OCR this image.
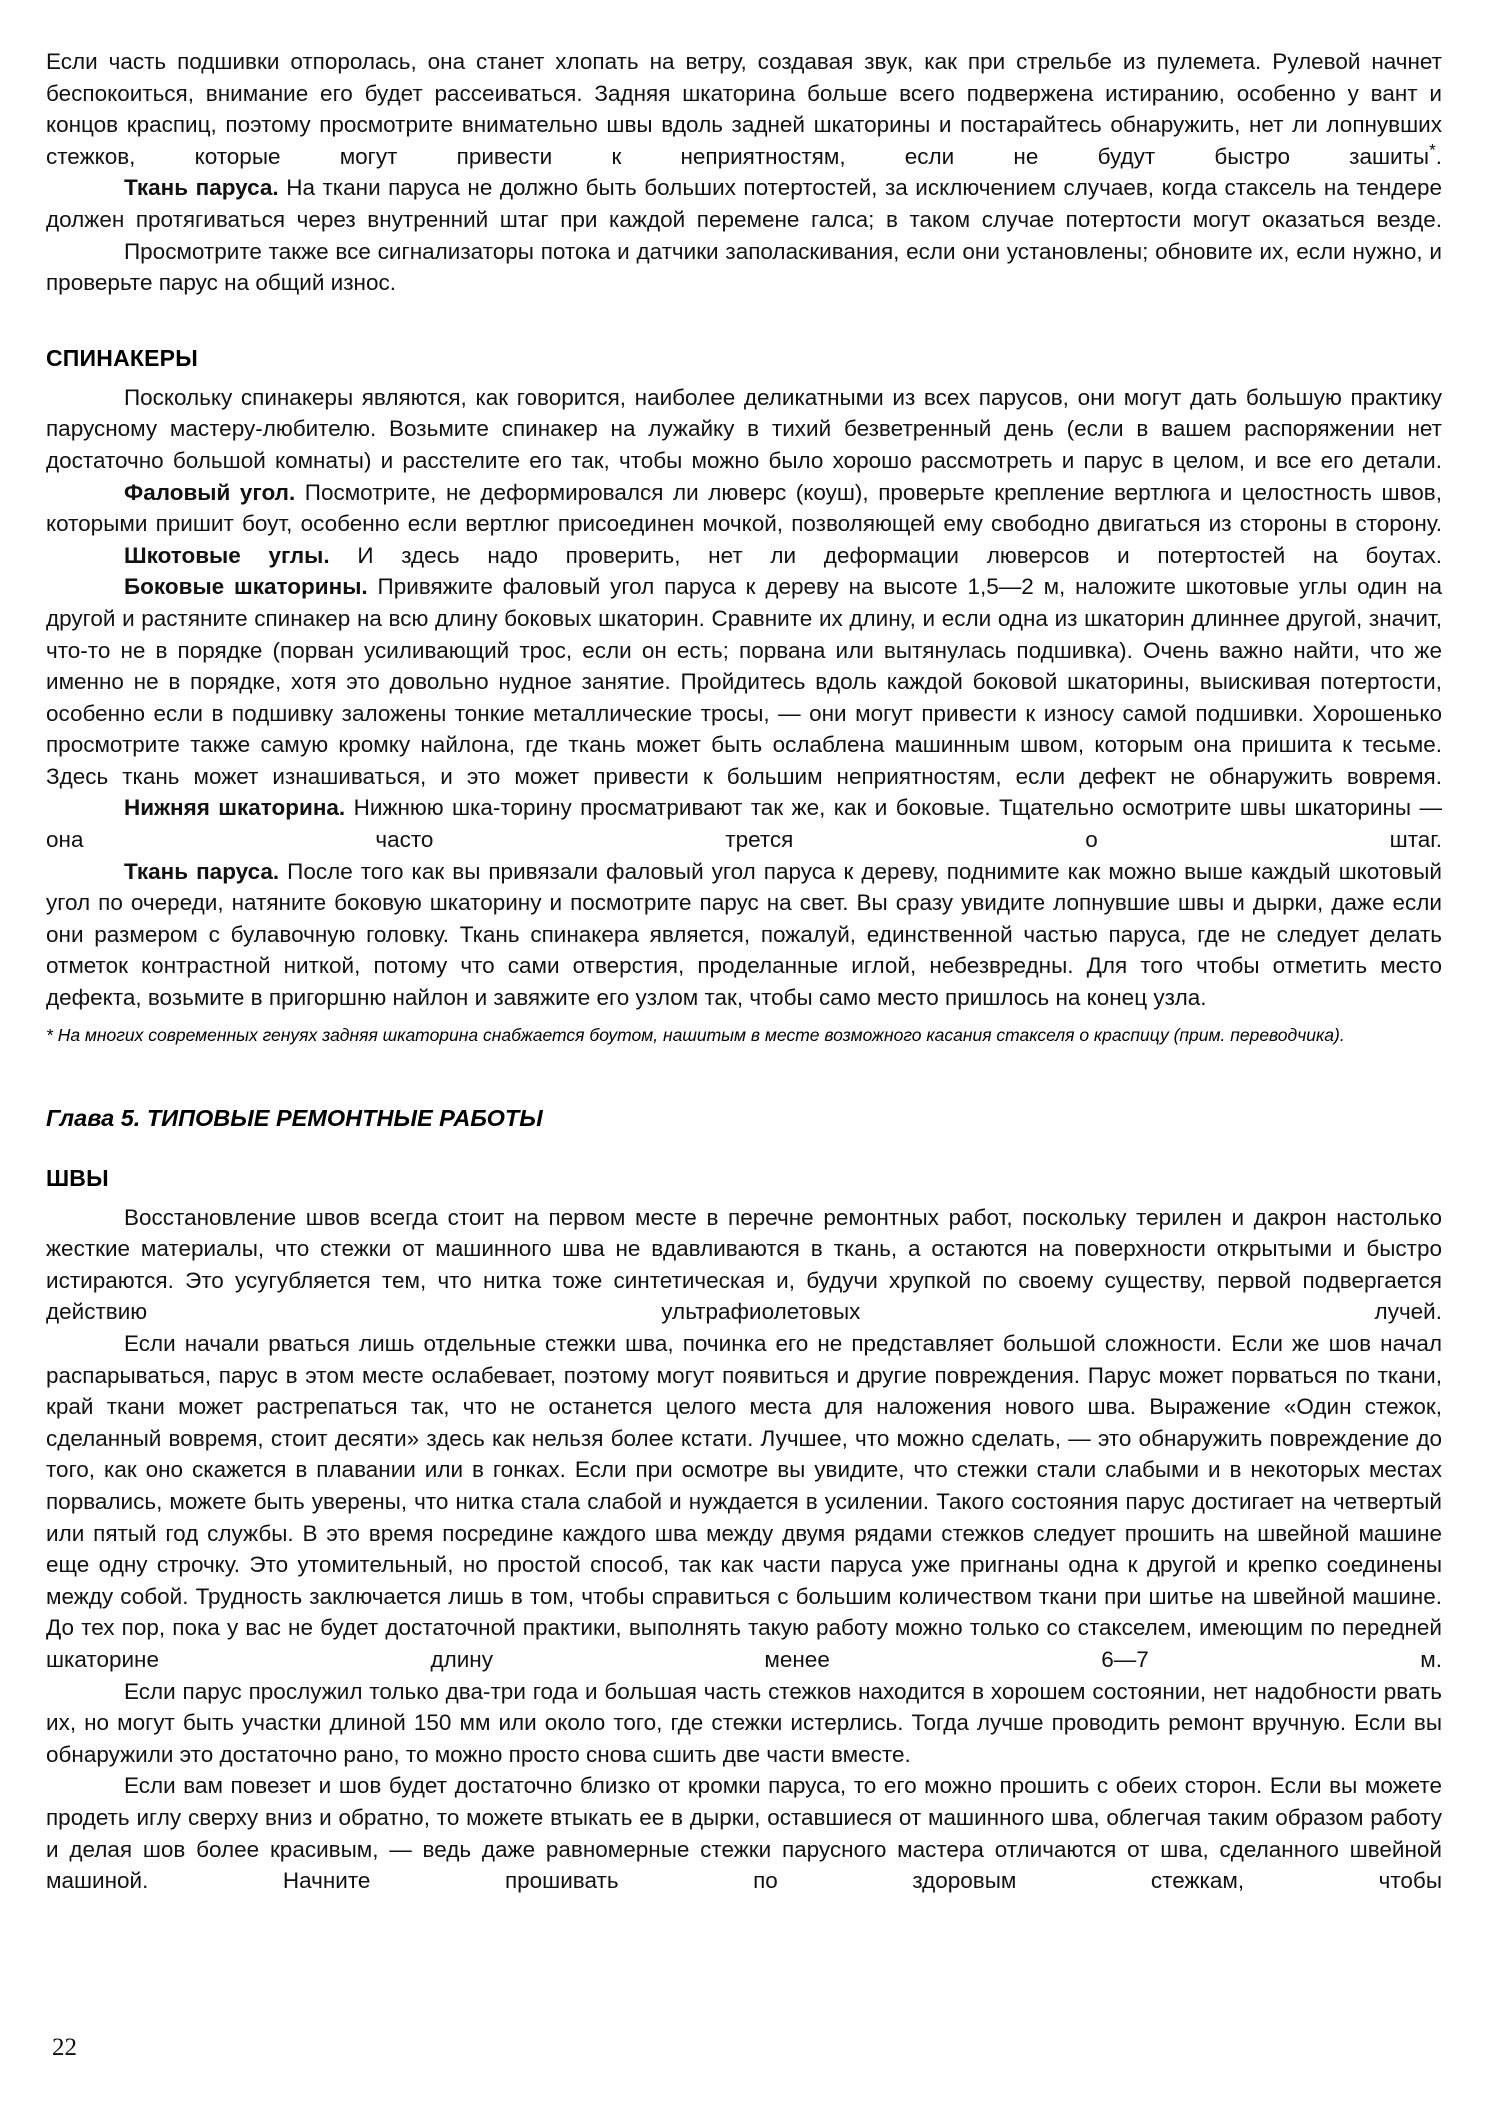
Если часть подшивки отпоролась, она станет хлопать на ветру, создавая звук, как при стрельбе из пулемета. Рулевой начнет беспокоиться, внимание его будет рассеиваться. Задняя шкаторина больше всего подвержена истиранию, особенно у вант и концов краспиц, поэтому просмотрите внимательно швы вдоль задней шкаторины и постарайтесь обнаружить, нет ли лопнувших стежков, которые могут привести к неприятностям, если не будут быстро зашиты*.

Ткань паруса. На ткани паруса не должно быть больших потертостей, за исключением случаев, когда стаксель на тендере должен протягиваться через внутренний штаг при каждой перемене галса; в таком случае потертости могут оказаться везде.

Просмотрите также все сигнализаторы потока и датчики заполаскивания, если они установлены; обновите их, если нужно, и проверьте парус на общий износ.

СПИНАКЕРЫ

Поскольку спинакеры являются, как говорится, наиболее деликатными из всех парусов, они могут дать большую практику парусному мастеру-любителю. Возьмите спинакер на лужайку в тихий безветренный день (если в вашем распоряжении нет достаточно большой комнаты) и расстелите его так, чтобы можно было хорошо рассмотреть и парус в целом, и все его детали.

Фаловый угол. Посмотрите, не деформировался ли люверс (коуш), проверьте крепление вертлюга и целостность швов, которыми пришит боут, особенно если вертлюг присоединен мочкой, позволяющей ему свободно двигаться из стороны в сторону.

Шкотовые углы. И здесь надо проверить, нет ли деформации люверсов и потертостей на боутах.

Боковые шкаторины. Привяжите фаловый угол паруса к дереву на высоте 1,5—2 м, наложите шкотовые углы один на другой и растяните спинакер на всю длину боковых шкаторин. Сравните их длину, и если одна из шкаторин длиннее другой, значит, что-то не в порядке (порван усиливающий трос, если он есть; порвана или вытянулась подшивка). Очень важно найти, что же именно не в порядке, хотя это довольно нудное занятие. Пройдитесь вдоль каждой боковой шкаторины, выискивая потертости, особенно если в подшивку заложены тонкие металлические тросы, — они могут привести к износу самой подшивки. Хорошенько просмотрите также самую кромку найлона, где ткань может быть ослаблена машинным швом, которым она пришита к тесьме. Здесь ткань может изнашиваться, и это может привести к большим неприятностям, если дефект не обнаружить вовремя.

Нижняя шкаторина. Нижнюю шка-торину просматривают так же, как и боковые. Тщательно осмотрите швы шкаторины — она часто трется о штаг.

Ткань паруса. После того как вы привязали фаловый угол паруса к дереву, поднимите как можно выше каждый шкотовый угол по очереди, натяните боковую шкаторину и посмотрите парус на свет. Вы сразу увидите лопнувшие швы и дырки, даже если они размером с булавочную головку. Ткань спинакера является, пожалуй, единственной частью паруса, где не следует делать отметок контрастной ниткой, потому что сами отверстия, проделанные иглой, небезвредны. Для того чтобы отметить место дефекта, возьмите в пригоршню найлон и завяжите его узлом так, чтобы само место пришлось на конец узла.

* На многих современных генуях задняя шкаторина снабжается боутом, нашитым в месте возможного касания стакселя о краспицу (прим. переводчика).

Глава 5. ТИПОВЫЕ РЕМОНТНЫЕ РАБОТЫ
ШВЫ

Восстановление швов всегда стоит на первом месте в перечне ремонтных работ, поскольку терилен и дакрон настолько жесткие материалы, что стежки от машинного шва не вдавливаются в ткань, а остаются на поверхности открытыми и быстро истираются. Это усугубляется тем, что нитка тоже синтетическая и, будучи хрупкой по своему существу, первой подвергается действию ультрафиолетовых лучей.

Если начали рваться лишь отдельные стежки шва, починка его не представляет большой сложности. Если же шов начал распарываться, парус в этом месте ослабевает, поэтому могут появиться и другие повреждения. Парус может порваться по ткани, край ткани может растрепаться так, что не останется целого места для наложения нового шва. Выражение «Один стежок, сделанный вовремя, стоит десяти» здесь как нельзя более кстати. Лучшее, что можно сделать, — это обнаружить повреждение до того, как оно скажется в плавании или в гонках. Если при осмотре вы увидите, что стежки стали слабыми и в некоторых местах порвались, можете быть уверены, что нитка стала слабой и нуждается в усилении. Такого состояния парус достигает на четвертый или пятый год службы. В это время посредине каждого шва между двумя рядами стежков следует прошить на швейной машине еще одну строчку. Это утомительный, но простой способ, так как части паруса уже пригнаны одна к другой и крепко соединены между собой. Трудность заключается лишь в том, чтобы справиться с большим количеством ткани при шитье на швейной машине. До тех пор, пока у вас не будет достаточной практики, выполнять такую работу можно только со стакселем, имеющим по передней шкаторине длину менее 6—7 м.

Если парус прослужил только два-три года и большая часть стежков находится в хорошем состоянии, нет надобности рвать их, но могут быть участки длиной 150 мм или около того, где стежки истерлись. Тогда лучше проводить ремонт вручную. Если вы обнаружили это достаточно рано, то можно просто снова сшить две части вместе.

Если вам повезет и шов будет достаточно близко от кромки паруса, то его можно прошить с обеих сторон. Если вы можете продеть иглу сверху вниз и обратно, то можете втыкать ее в дырки, оставшиеся от машинного шва, облегчая таким образом работу и делая шов более красивым, — ведь даже равномерные стежки парусного мастера отличаются от шва, сделанного швейной машиной. Начните прошивать по здоровым стежкам, чтобы

22
